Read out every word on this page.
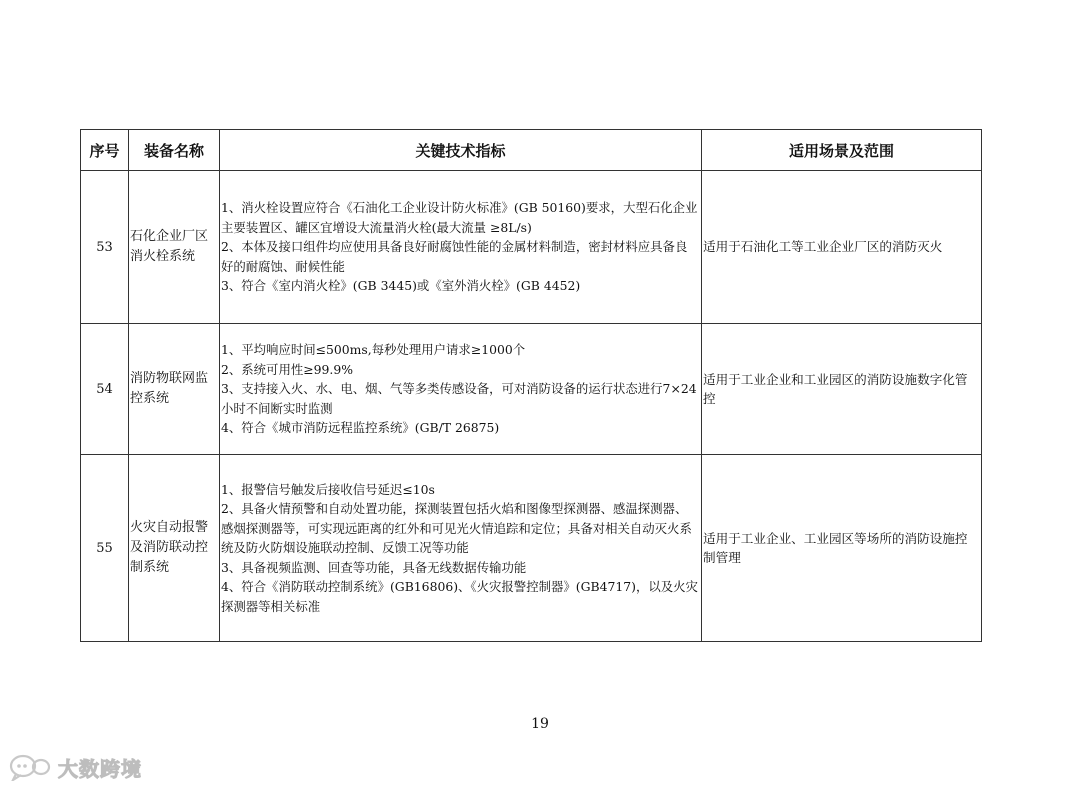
序号	装备名称	关键技术指标	适用场景及范围
53	石化企业厂区消火栓系统	1、消火栓设置应符合《石油化工企业设计防火标准》(GB 50160)要求，大型石化企业主要装置区、罐区宜增设大流量消火栓(最大流量 ≥8L/s)
2、本体及接口组件均应使用具备良好耐腐蚀性能的金属材料制造，密封材料应具备良好的耐腐蚀、耐候性能
3、符合《室内消火栓》(GB 3445)或《室外消火栓》(GB 4452)	适用于石油化工等工业企业厂区的消防灭火
54	消防物联网监控系统	1、平均响应时间≤500ms,每秒处理用户请求≥1000个
2、系统可用性≥99.9%
3、支持接入火、水、电、烟、气等多类传感设备，可对消防设备的运行状态进行7×24小时不间断实时监测
4、符合《城市消防远程监控系统》(GB/T 26875)	适用于工业企业和工业园区的消防设施数字化管控
55	火灾自动报警及消防联动控制系统	1、报警信号触发后接收信号延迟≤10s
2、具备火情预警和自动处置功能，探测装置包括火焰和图像型探测器、感温探测器、感烟探测器等，可实现远距离的红外和可见光火情追踪和定位；具备对相关自动灭火系统及防火防烟设施联动控制、反馈工况等功能
3、具备视频监测、回查等功能，具备无线数据传输功能
4、符合《消防联动控制系统》(GB16806)、《火灾报警控制器》(GB4717)，以及火灾探测器等相关标准	适用于工业企业、工业园区等场所的消防设施控制管理
19
大数跨境
